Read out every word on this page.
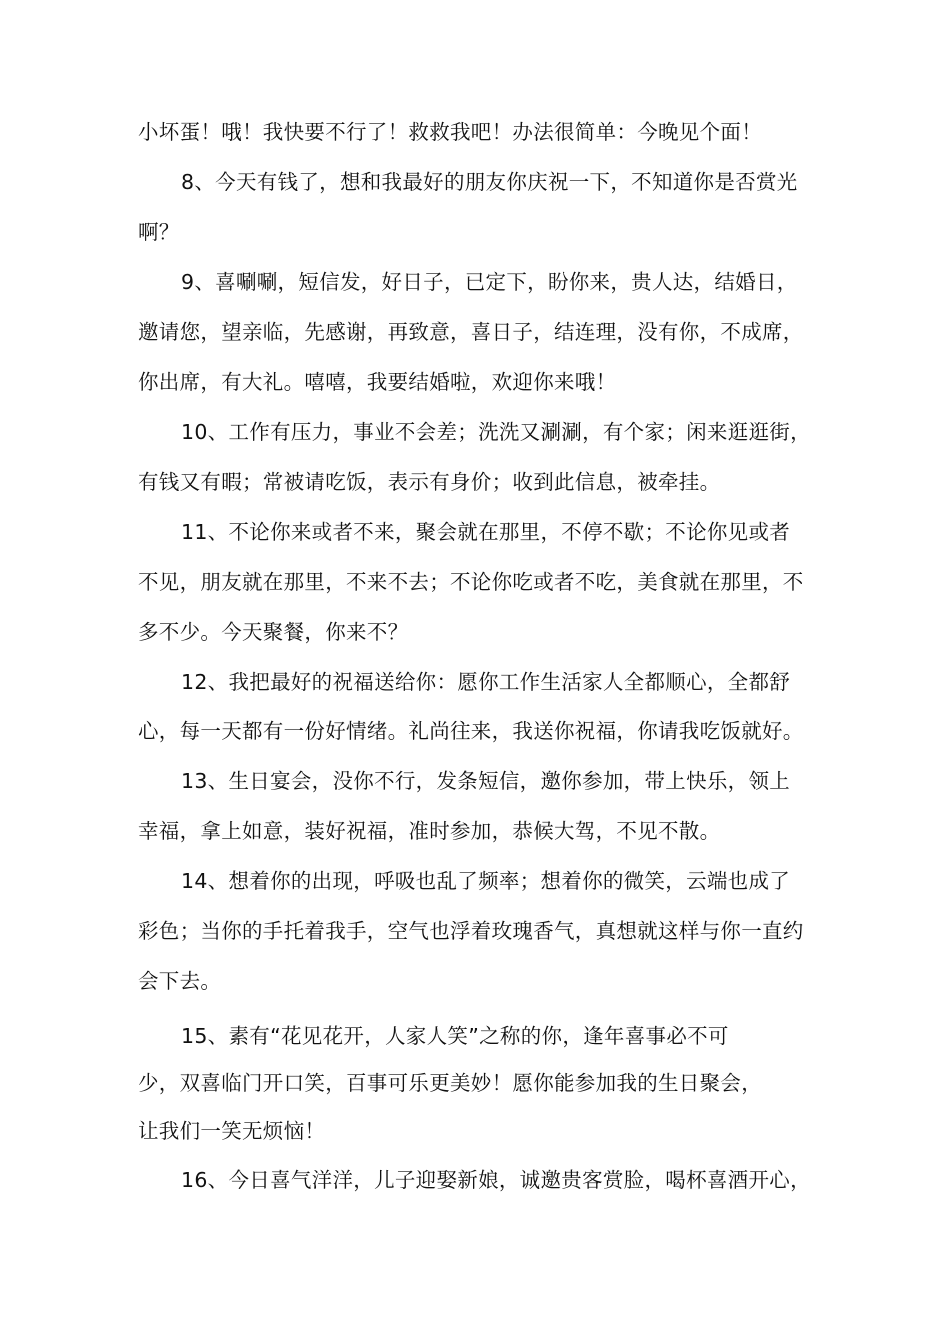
小坏蛋！哦！我快要不行了！救救我吧！办法很简单：今晚见个面！
8、今天有钱了，想和我最好的朋友你庆祝一下，不知道你是否赏光
啊？
9、喜唰唰，短信发，好日子，已定下，盼你来，贵人达，结婚日，
邀请您，望亲临，先感谢，再致意，喜日子，结连理，没有你，不成席，
你出席，有大礼。嘻嘻，我要结婚啦，欢迎你来哦！
10、工作有压力，事业不会差；洗洗又涮涮，有个家；闲来逛逛街，
有钱又有暇；常被请吃饭，表示有身价；收到此信息，被牵挂。
11、不论你来或者不来，聚会就在那里，不停不歇；不论你见或者
不见，朋友就在那里，不来不去；不论你吃或者不吃，美食就在那里，不
多不少。今天聚餐，你来不？
12、我把最好的祝福送给你：愿你工作生活家人全都顺心，全都舒
心，每一天都有一份好情绪。礼尚往来，我送你祝福，你请我吃饭就好。
13、生日宴会，没你不行，发条短信，邀你参加，带上快乐，领上
幸福，拿上如意，装好祝福，准时参加，恭候大驾，不见不散。
14、想着你的出现，呼吸也乱了频率；想着你的微笑，云端也成了
彩色；当你的手托着我手，空气也浮着玫瑰香气，真想就这样与你一直约
会下去。
15、素有“花见花开，人家人笑”之称的你，逢年喜事必不可
少，双喜临门开口笑，百事可乐更美妙！愿你能参加我的生日聚会，
让我们一笑无烦恼！
16、今日喜气洋洋，儿子迎娶新娘，诚邀贵客赏脸，喝杯喜酒开心，
